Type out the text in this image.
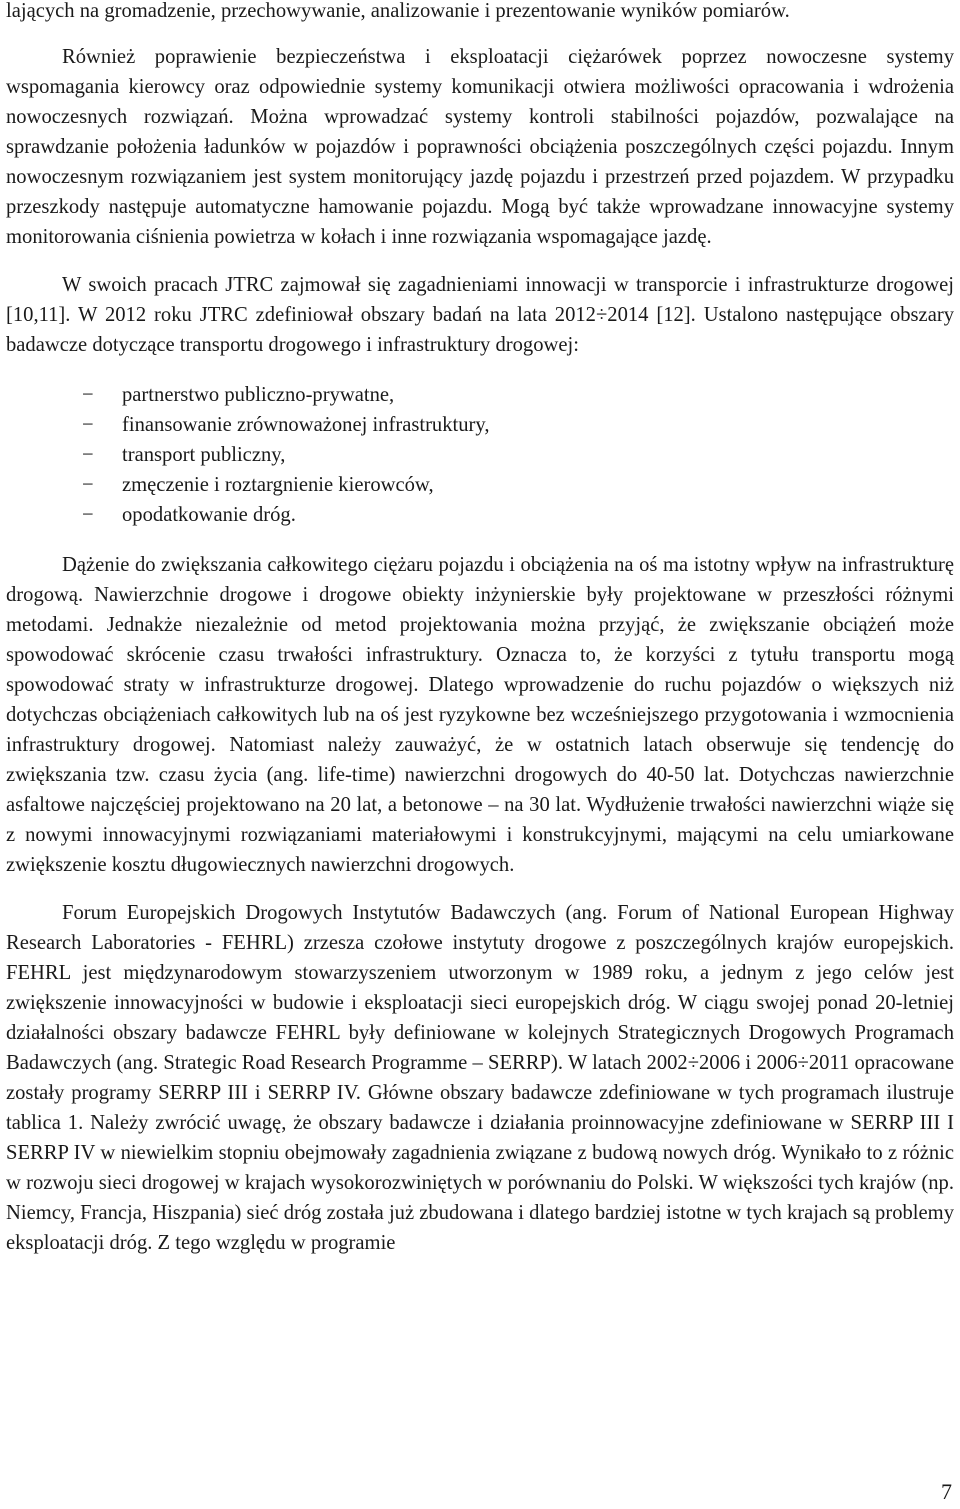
lających na gromadzenie, przechowywanie, analizowanie i prezentowanie wyników pomiarów.

Również poprawienie bezpieczeństwa i eksploatacji ciężarówek poprzez nowoczesne systemy wspomagania kierowcy oraz odpowiednie systemy komunikacji otwiera możliwości opracowania i wdrożenia nowoczesnych rozwiązań. Można wprowadzać systemy kontroli stabilności pojazdów, pozwalające na sprawdzanie położenia ładunków w pojazdów i poprawności obciążenia poszczególnych części pojazdu. Innym nowoczesnym rozwiązaniem jest system monitorujący jazdę pojazdu i przestrzeń przed pojazdem. W przypadku przeszkody następuje automatyczne hamowanie pojazdu. Mogą być także wprowadzane innowacyjne systemy monitorowania ciśnienia powietrza w kołach i inne rozwiązania wspomagające jazdę.

W swoich pracach JTRC zajmował się zagadnieniami innowacji w transporcie i infrastrukturze drogowej [10,11]. W 2012 roku JTRC zdefiniował obszary badań na lata 2012÷2014 [12]. Ustalono następujące obszary badawcze dotyczące transportu drogowego i infrastruktury drogowej:

− partnerstwo publiczno-prywatne,
− finansowanie zrównoważonej infrastruktury,
− transport publiczny,
− zmęczenie i roztargnienie kierowców,
− opodatkowanie dróg.

Dążenie do zwiększania całkowitego ciężaru pojazdu i obciążenia na oś ma istotny wpływ na infrastrukturę drogową. Nawierzchnie drogowe i drogowe obiekty inżynierskie były projektowane w przeszłości różnymi metodami. Jednakże niezależnie od metod projektowania można przyjąć, że zwiększanie obciążeń może spowodować skrócenie czasu trwałości infrastruktury. Oznacza to, że korzyści z tytułu transportu mogą spowodować straty w infrastrukturze drogowej. Dlatego wprowadzenie do ruchu pojazdów o większych niż dotychczas obciążeniach całkowitych lub na oś jest ryzykowne bez wcześniejszego przygotowania i wzmocnienia infrastruktury drogowej. Natomiast należy zauważyć, że w ostatnich latach obserwuje się tendencję do zwiększania tzw. czasu życia (ang. life-time) nawierzchni drogowych do 40-50 lat. Dotychczas nawierzchnie asfaltowe najczęściej projektowano na 20 lat, a betonowe – na 30 lat. Wydłużenie trwałości nawierzchni wiąże się z nowymi innowacyjnymi rozwiązaniami materiałowymi i konstrukcyjnymi, mającymi na celu umiarkowane zwiększenie kosztu długowiecznych nawierzchni drogowych.

Forum Europejskich Drogowych Instytutów Badawczych (ang. Forum of National European Highway Research Laboratories - FEHRL) zrzesza czołowe instytuty drogowe z poszczególnych krajów europejskich. FEHRL jest międzynarodowym stowarzyszeniem utworzonym w 1989 roku, a jednym z jego celów jest zwiększenie innowacyjności w budowie i eksploatacji sieci europejskich dróg. W ciągu swojej ponad 20-letniej działalności obszary badawcze FEHRL były definiowane w kolejnych Strategicznych Drogowych Programach Badawczych (ang. Strategic Road Research Programme – SERRP). W latach 2002÷2006 i 2006÷2011 opracowane zostały programy SERRP III i SERRP IV. Główne obszary badawcze zdefiniowane w tych programach ilustruje tablica 1. Należy zwrócić uwagę, że obszary badawcze i działania proinnowacyjne zdefiniowane w SERRP III I SERRP IV w niewielkim stopniu obejmowały zagadnienia związane z budową nowych dróg. Wynikało to z różnic w rozwoju sieci drogowej w krajach wysokorozwiniętych w porównaniu do Polski. W większości tych krajów (np. Niemcy, Francja, Hiszpania) sieć dróg została już zbudowana i dlatego bardziej istotne w tych krajach są problemy eksploatacji dróg. Z tego względu w programie

7
